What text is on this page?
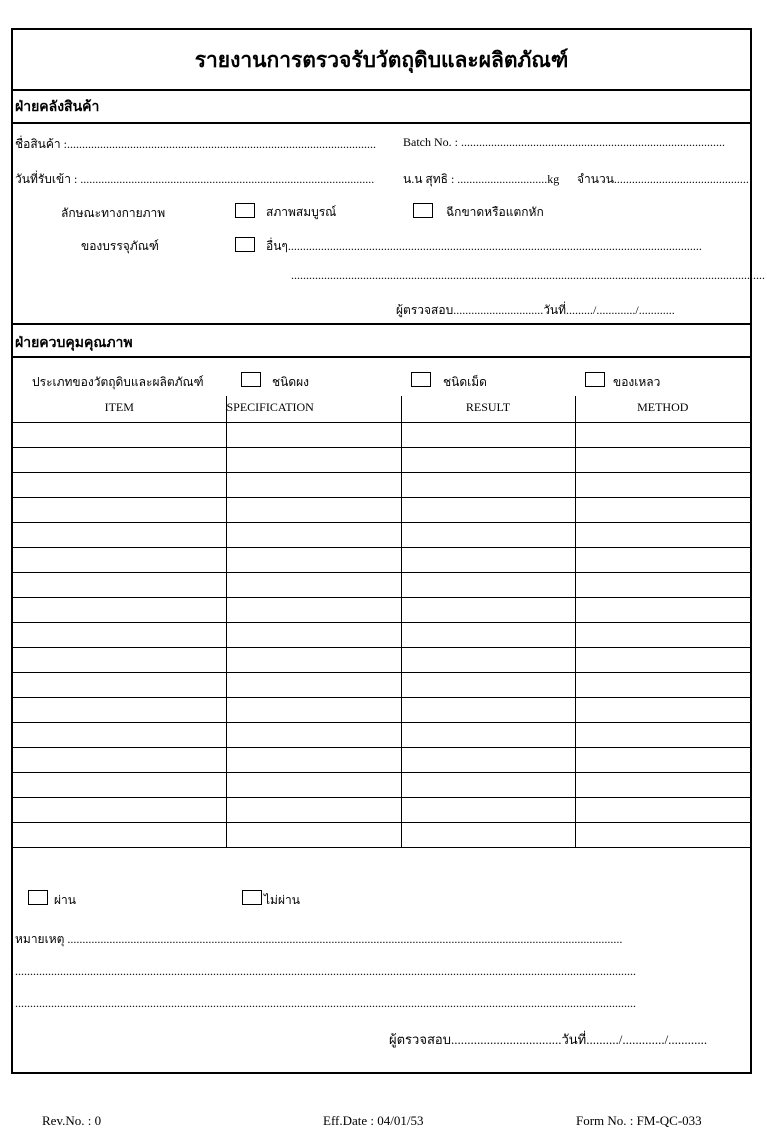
รายงานการตรวจรับวัตถุดิบและผลิตภัณฑ์
ฝ่ายคลังสินค้า
ชื่อสินค้า :....................................................................................................... Batch No. : ........................................................................................
วันที่รับเข้า : .................................................................................................. น.น สุทธิ : ..............................kg จำนวน.............................................
ลักษณะทางกายภาพ	สภาพสมบูรณ์	ฉีกขาดหรือแตกหัก
ของบรรจุภัณฑ์	อื่นๆ..........................................................................................................................................
..............................................................................................................................................................
ผู้ตรวจสอบ..............................วันที่........./............./............
ฝ่ายควบคุมคุณภาพ
ประเภทของวัตถุดิบและผลิตภัณฑ์	ชนิดผง	ชนิดเม็ด	ของเหลว
ITEM	SPECIFICATION	RESULT	METHOD

ผ่าน	ไม่ผ่าน
หมายเหตุ .........................................................................................................................................................................................
...............................................................................................................................................................................................................
...............................................................................................................................................................................................................
ผู้ตรวจสอบ..................................วันที่........../............./............
Rev.No. : 0	Eff.Date : 04/01/53	Form No. : FM-QC-033
